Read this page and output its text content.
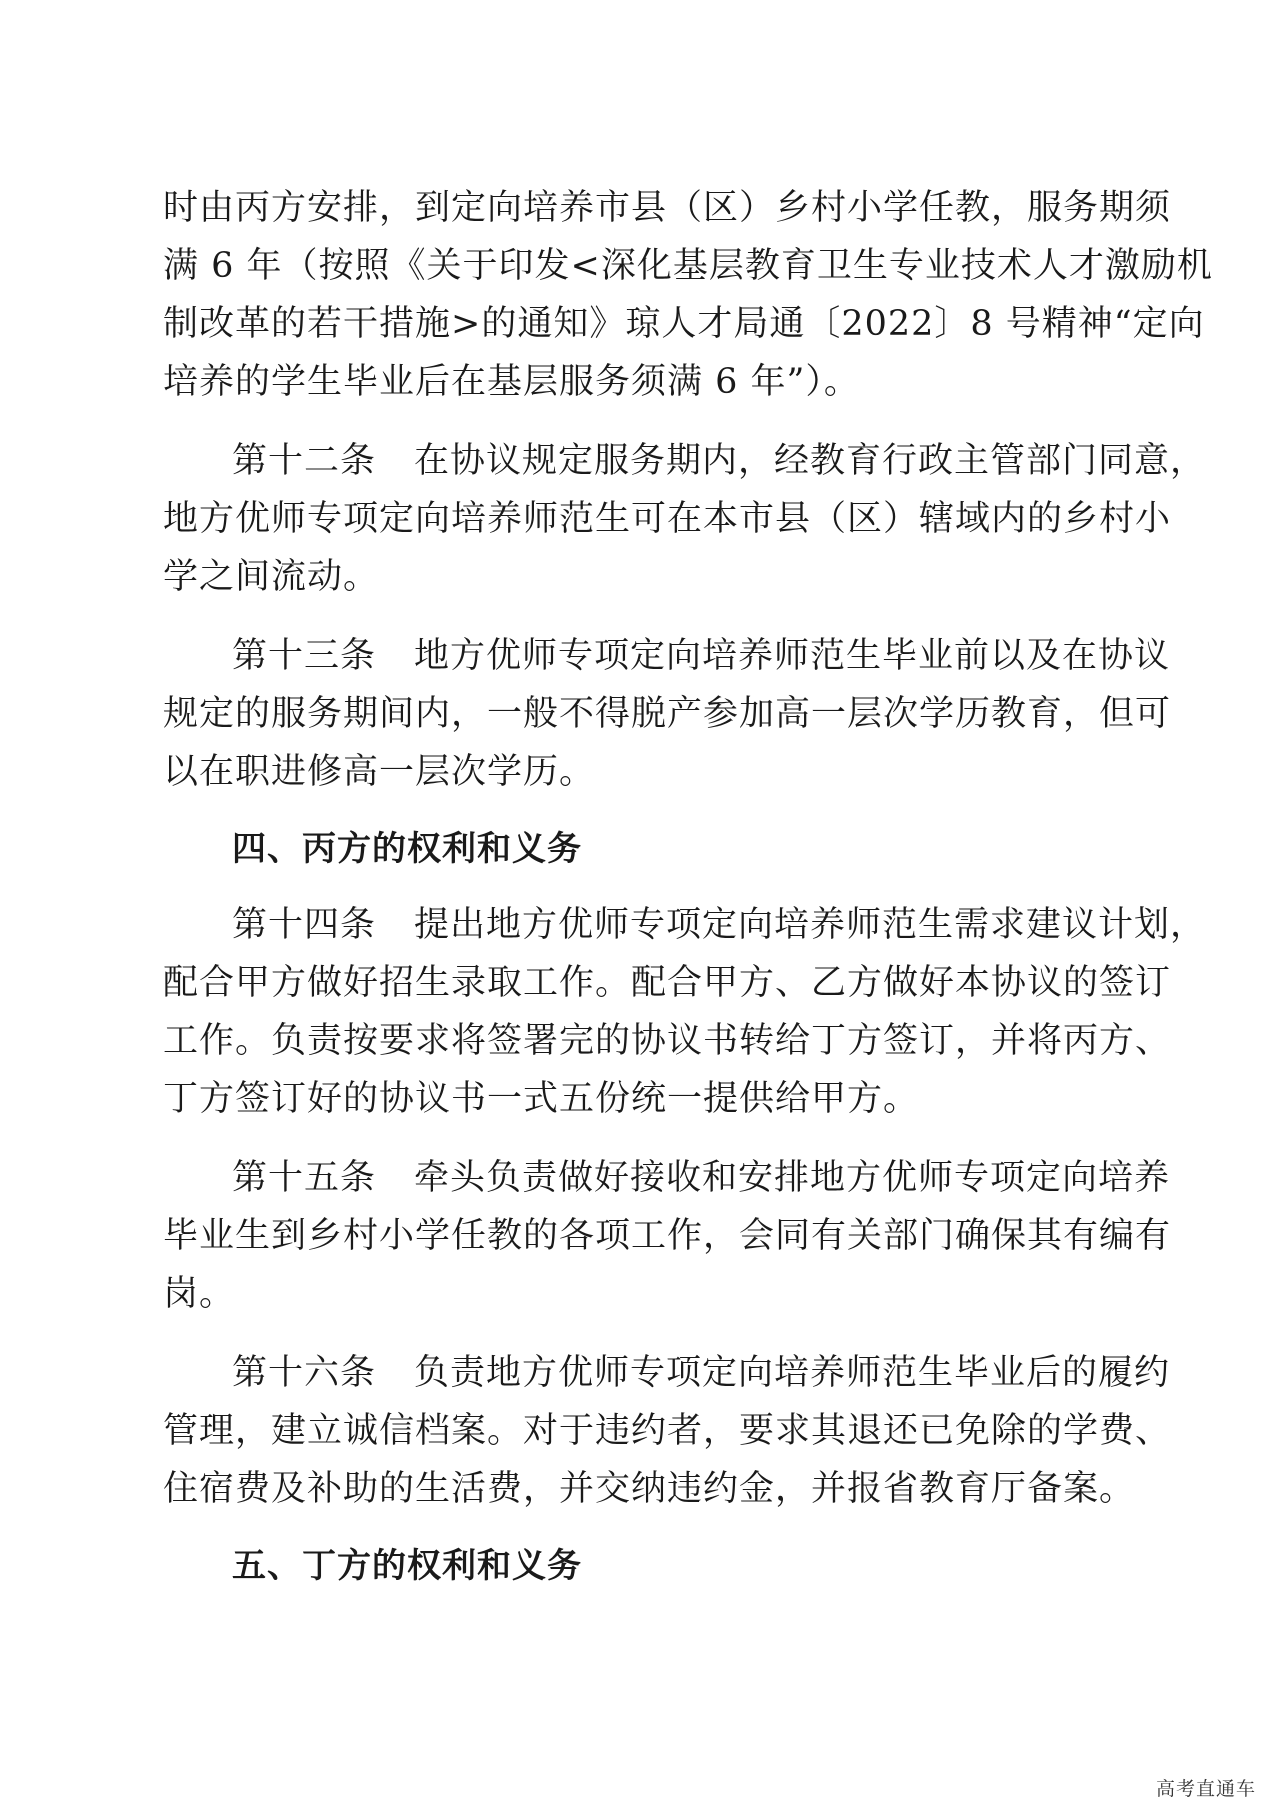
时由丙方安排，到定向培养市县（区）乡村小学任教，服务期须
满 6 年（按照《关于印发<深化基层教育卫生专业技术人才激励机
制改革的若干措施>的通知》琼人才局通〔2022〕8 号精神“定向
培养的学生毕业后在基层服务须满 6 年”）。
第十二条 在协议规定服务期内，经教育行政主管部门同意，
地方优师专项定向培养师范生可在本市县（区）辖域内的乡村小
学之间流动。
第十三条 地方优师专项定向培养师范生毕业前以及在协议
规定的服务期间内，一般不得脱产参加高一层次学历教育，但可
以在职进修高一层次学历。
四、丙方的权利和义务
第十四条 提出地方优师专项定向培养师范生需求建议计划，
配合甲方做好招生录取工作。配合甲方、乙方做好本协议的签订
工作。负责按要求将签署完的协议书转给丁方签订，并将丙方、
丁方签订好的协议书一式五份统一提供给甲方。
第十五条 牵头负责做好接收和安排地方优师专项定向培养
毕业生到乡村小学任教的各项工作，会同有关部门确保其有编有
岗。
第十六条 负责地方优师专项定向培养师范生毕业后的履约
管理，建立诚信档案。对于违约者，要求其退还已免除的学费、
住宿费及补助的生活费，并交纳违约金，并报省教育厅备案。
五、丁方的权利和义务
高考直通车
